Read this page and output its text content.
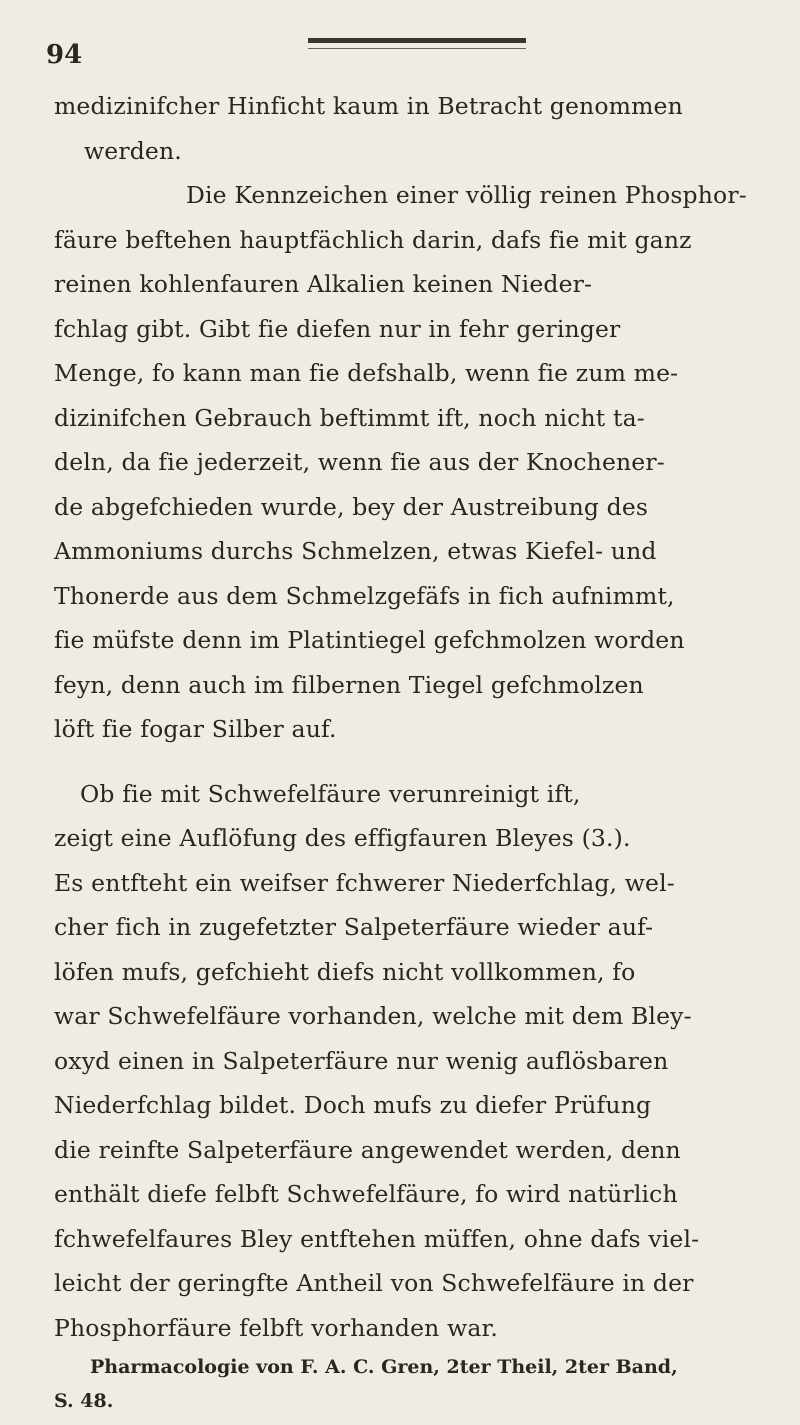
94
medizinifcher Hinficht kaum in Betracht genommen
werden.
Die Kennzeichen einer völlig reinen Phosphor-
fäure beftehen hauptfächlich darin, dafs fie mit ganz
reinen kohlenfauren Alkalien keinen Nieder-
fchlag gibt. Gibt fie diefen nur in fehr geringer
Menge, fo kann man fie defshalb, wenn fie zum me-
dizinifchen Gebrauch beftimmt ift, noch nicht ta-
deln, da fie jederzeit, wenn fie aus der Knochener-
de abgefchieden wurde, bey der Austreibung des
Ammoniums durchs Schmelzen, etwas Kiefel- und
Thonerde aus dem Schmelzgefäfs in fich aufnimmt,
fie müfste denn im Platintiegel gefchmolzen worden
feyn, denn auch im filbernen Tiegel gefchmolzen
löft fie fogar Silber auf.
Ob fie mit Schwefelfäure verunreinigt ift,
zeigt eine Auflöfung des effigfauren Bleyes (3.).
Es entfteht ein weifser fchwerer Niederfchlag, wel-
cher fich in zugefetzter Salpeterfäure wieder auf-
löfen mufs, gefchieht diefs nicht vollkommen, fo
war Schwefelfäure vorhanden, welche mit dem Bley-
oxyd einen in Salpeterfäure nur wenig auflösbaren
Niederfchlag bildet. Doch mufs zu diefer Prüfung
die reinfte Salpeterfäure angewendet werden, denn
enthält diefe felbft Schwefelfäure, fo wird natürlich
fchwefelfaures Bley entftehen müffen, ohne dafs viel-
leicht der geringfte Antheil von Schwefelfäure in der
Phosphorfäure felbft vorhanden war.
Pharmacologie von F. A. C. Gren, 2ter Theil, 2ter Band,
S. 48.
